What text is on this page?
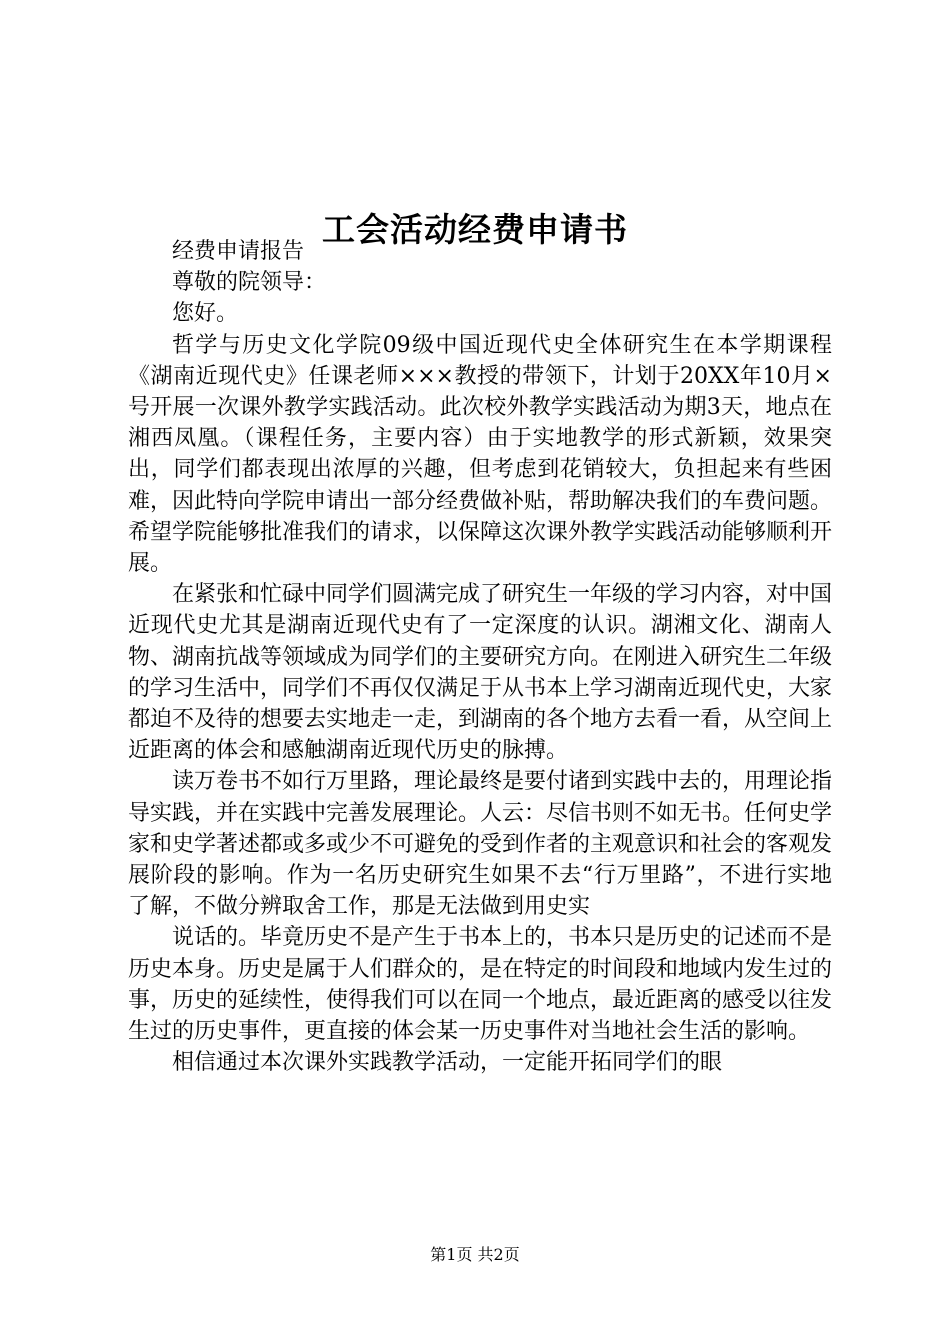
工会活动经费申请书

经费申请报告

尊敬的院领导：

您好。

哲学与历史文化学院09级中国近现代史全体研究生在本学期课程《湖南近现代史》任课老师×××教授的带领下，计划于20XX年10月×号开展一次课外教学实践活动。此次校外教学实践活动为期3天，地点在湘西凤凰。（课程任务，主要内容）由于实地教学的形式新颖，效果突出，同学们都表现出浓厚的兴趣，但考虑到花销较大，负担起来有些困难，因此特向学院申请出一部分经费做补贴，帮助解决我们的车费问题。希望学院能够批准我们的请求，以保障这次课外教学实践活动能够顺利开展。

在紧张和忙碌中同学们圆满完成了研究生一年级的学习内容，对中国近现代史尤其是湖南近现代史有了一定深度的认识。湖湘文化、湖南人物、湖南抗战等领域成为同学们的主要研究方向。在刚进入研究生二年级的学习生活中，同学们不再仅仅满足于从书本上学习湖南近现代史，大家都迫不及待的想要去实地走一走，到湖南的各个地方去看一看，从空间上近距离的体会和感触湖南近现代历史的脉搏。

读万卷书不如行万里路，理论最终是要付诸到实践中去的，用理论指导实践，并在实践中完善发展理论。人云：尽信书则不如无书。任何史学家和史学著述都或多或少不可避免的受到作者的主观意识和社会的客观发展阶段的影响。作为一名历史研究生如果不去“行万里路”，不进行实地了解，不做分辨取舍工作，那是无法做到用史实

说话的。毕竟历史不是产生于书本上的，书本只是历史的记述而不是历史本身。历史是属于人们群众的，是在特定的时间段和地域内发生过的事，历史的延续性，使得我们可以在同一个地点，最近距离的感受以往发生过的历史事件，更直接的体会某一历史事件对当地社会生活的影响。

相信通过本次课外实践教学活动，一定能开拓同学们的眼

第1页 共2页
